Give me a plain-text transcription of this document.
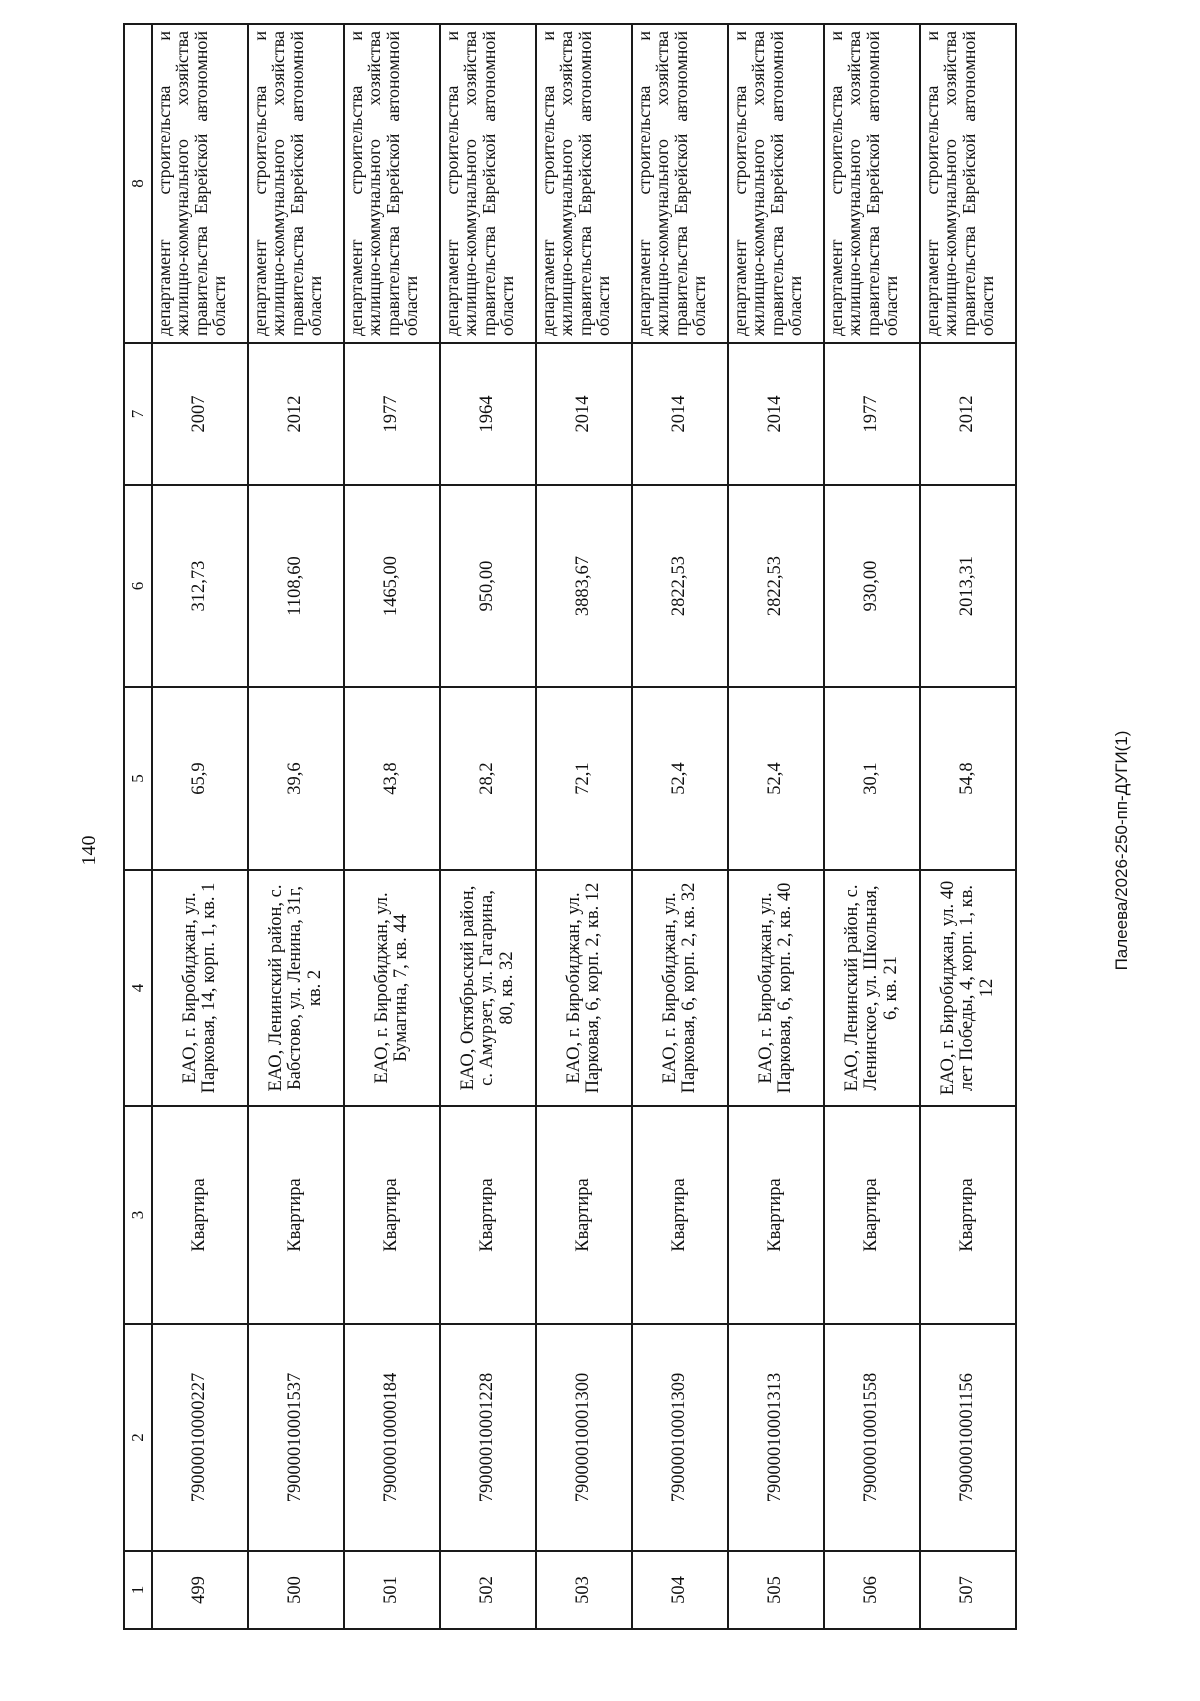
140
1	2	3	4	5	6	7	8
499	79000010000227	Квартира	ЕАО, г. Биробиджан, ул. Парковая, 14, корп. 1, кв. 1	65,9	312,73	2007	департамент строительства и жилищно-коммунального хозяйства правительства Еврейской автономной области
500	79000010001537	Квартира	ЕАО, Ленинский район, с. Бабстово, ул. Ленина, 31г, кв. 2	39,6	1108,60	2012	департамент строительства и жилищно-коммунального хозяйства правительства Еврейской автономной области
501	79000010000184	Квартира	ЕАО, г. Биробиджан, ул. Бумагина, 7, кв. 44	43,8	1465,00	1977	департамент строительства и жилищно-коммунального хозяйства правительства Еврейской автономной области
502	79000010001228	Квартира	ЕАО, Октябрьский район, с. Амурзет, ул. Гагарина, 80, кв. 32	28,2	950,00	1964	департамент строительства и жилищно-коммунального хозяйства правительства Еврейской автономной области
503	79000010001300	Квартира	ЕАО, г. Биробиджан, ул. Парковая, 6, корп. 2, кв. 12	72,1	3883,67	2014	департамент строительства и жилищно-коммунального хозяйства правительства Еврейской автономной области
504	79000010001309	Квартира	ЕАО, г. Биробиджан, ул. Парковая, 6, корп. 2, кв. 32	52,4	2822,53	2014	департамент строительства и жилищно-коммунального хозяйства правительства Еврейской автономной области
505	79000010001313	Квартира	ЕАО, г. Биробиджан, ул. Парковая, 6, корп. 2, кв. 40	52,4	2822,53	2014	департамент строительства и жилищно-коммунального хозяйства правительства Еврейской автономной области
506	79000010001558	Квартира	ЕАО, Ленинский район, с. Ленинское, ул. Школьная, 6, кв. 21	30,1	930,00	1977	департамент строительства и жилищно-коммунального хозяйства правительства Еврейской автономной области
507	79000010001156	Квартира	ЕАО, г. Биробиджан, ул. 40 лет Победы, 4, корп. 1, кв. 12	54,8	2013,31	2012	департамент строительства и жилищно-коммунального хозяйства правительства Еврейской автономной области
Палеева/2026-250-пп-ДУГИ(1)
